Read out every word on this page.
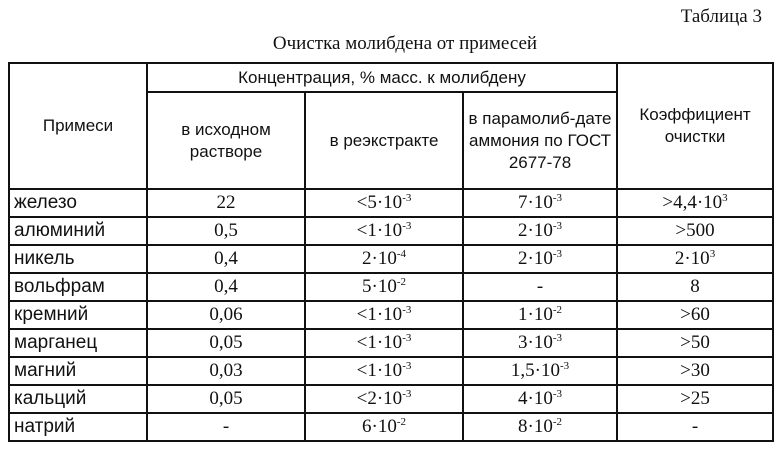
Таблица 3
Очистка молибдена от примесей
Примеси	Концентрация, % масс. к молибдену			Коэффициент очистки
	в исходном растворе	в реэкстракте	в парамолиб-дате аммония по ГОСТ 2677-78	
железо	22	$<5\cdot 10^{-3}$	$7\cdot 10^{-3}$	$>4,4\cdot 10^3$
алюминий	0,5	$<1\cdot 10^{-3}$	$2\cdot 10^{-3}$	>500
никель	0,4	$2\cdot 10^{-4}$	$2\cdot 10^{-3}$	$2\cdot 10^3$
вольфрам	0,4	$5\cdot 10^{-2}$	-	8
кремний	0,06	$<1\cdot 10^{-3}$	$1\cdot 10^{-2}$	>60
марганец	0,05	$<1\cdot 10^{-3}$	$3\cdot 10^{-3}$	>50
магний	0,03	$<1\cdot 10^{-3}$	$1,5\cdot 10^{-3}$	>30
кальций	0,05	$<2\cdot 10^{-3}$	$4\cdot 10^{-3}$	>25
натрий	-	$6\cdot 10^{-2}$	$8\cdot 10^{-2}$	-
